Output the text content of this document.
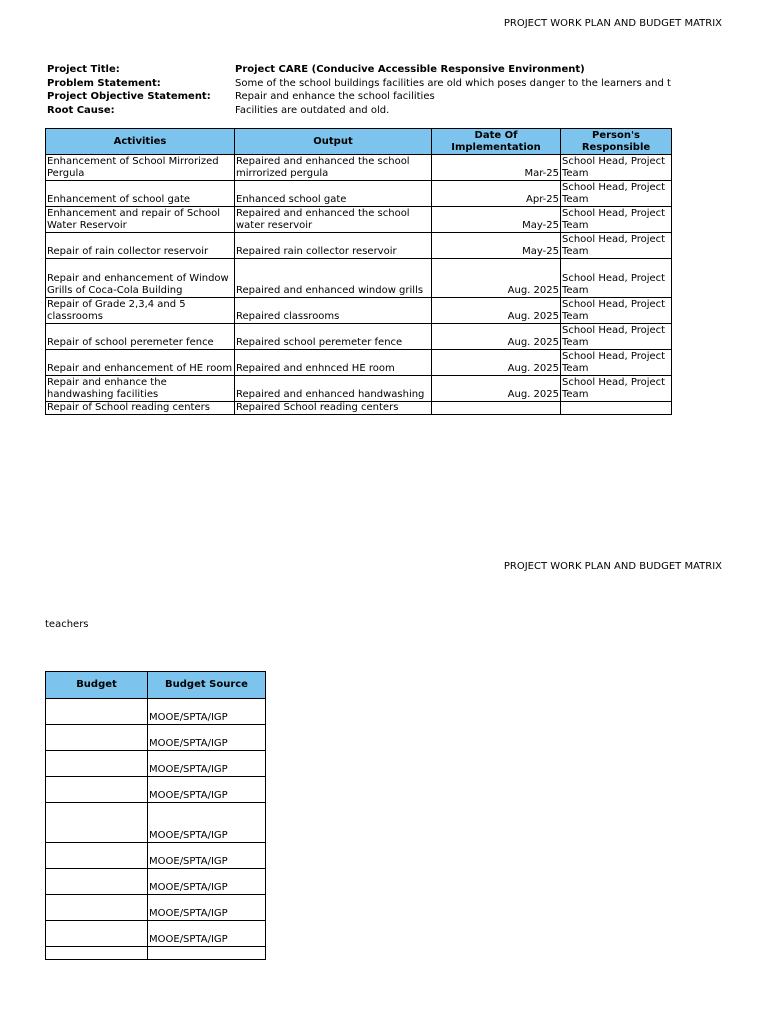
PROJECT WORK PLAN AND BUDGET MATRIX
Project Title:	Project CARE (Conducive Accessible Responsive Environment)
Problem Statement:	Some of the school buildings facilities are old which poses danger to the learners and t
Project Objective Statement:	Repair and enhance the school facilities
Root Cause:	Facilities are outdated and old.
Activities	Output	Date Of Implementation	Person's Responsible
Enhancement of School Mirrorized Pergula	Repaired and enhanced the school mirrorized pergula	Mar-25	School Head, Project Team
Enhancement of school gate	Enhanced school gate	Apr-25	School Head, Project Team
Enhancement and repair of School Water Reservoir	Repaired and enhanced the school water reservoir	May-25	School Head, Project Team
Repair of rain collector reservoir	Repaired rain collector reservoir	May-25	School Head, Project Team
Repair and enhancement of Window Grills of Coca-Cola Building	Repaired and enhanced window grills	Aug. 2025	School Head, Project Team
Repair of Grade 2,3,4 and 5 classrooms	Repaired classrooms	Aug. 2025	School Head, Project Team
Repair of school peremeter fence	Repaired school peremeter fence	Aug. 2025	School Head, Project Team
Repair and enhancement of HE room	Repaired and enhnced HE room	Aug. 2025	School Head, Project Team
Repair and enhance the handwashing facilities	Repaired and enhanced handwashing	Aug. 2025	School Head, Project Team
Repair of School reading centers	Repaired School reading centers		
PROJECT WORK PLAN AND BUDGET MATRIX
teachers
Budget	Budget Source
	MOOE/SPTA/IGP
	MOOE/SPTA/IGP
	MOOE/SPTA/IGP
	MOOE/SPTA/IGP
	MOOE/SPTA/IGP
	MOOE/SPTA/IGP
	MOOE/SPTA/IGP
	MOOE/SPTA/IGP
	MOOE/SPTA/IGP
